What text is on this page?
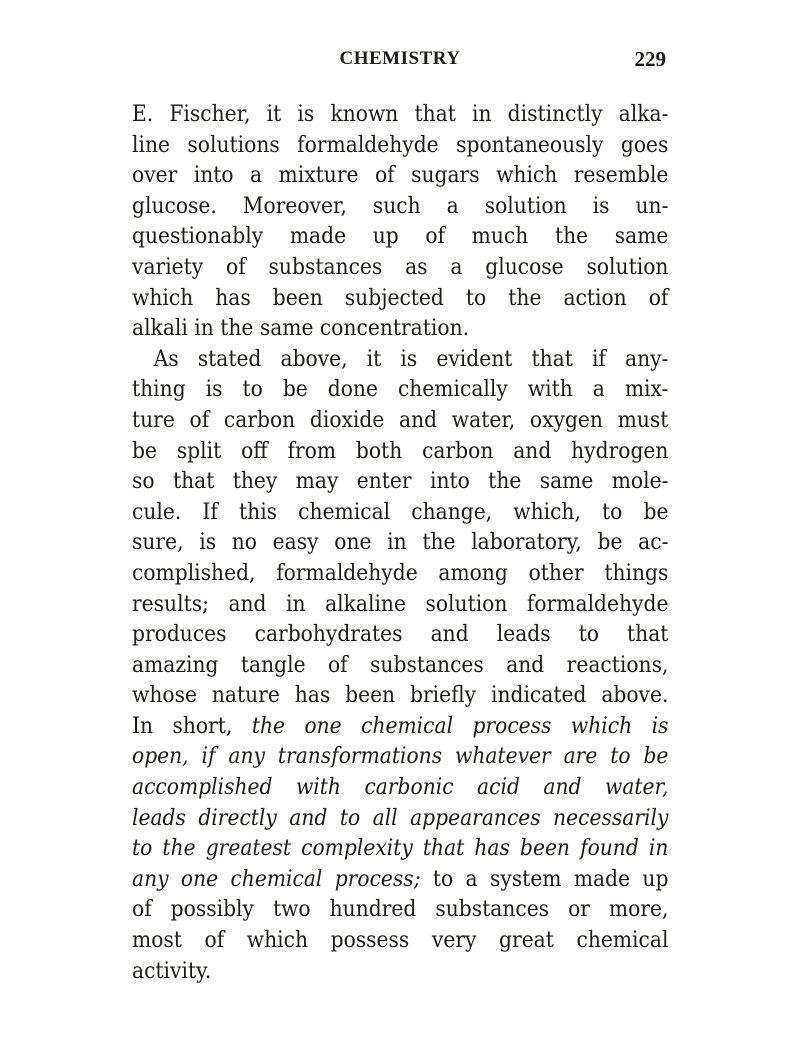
CHEMISTRY	229
E. Fischer, it is known that in distinctly alka-
line solutions formaldehyde spontaneously goes
over into a mixture of sugars which resemble
glucose. Moreover, such a solution is un-
questionably made up of much the same
variety of substances as a glucose solution
which has been subjected to the action of
alkali in the same concentration.
As stated above, it is evident that if any-
thing is to be done chemically with a mix-
ture of carbon dioxide and water, oxygen must
be split off from both carbon and hydrogen
so that they may enter into the same mole-
cule. If this chemical change, which, to be
sure, is no easy one in the laboratory, be ac-
complished, formaldehyde among other things
results; and in alkaline solution formaldehyde
produces carbohydrates and leads to that
amazing tangle of substances and reactions,
whose nature has been briefly indicated above.
In short, the one chemical process which is
open, if any transformations whatever are to be
accomplished with carbonic acid and water,
leads directly and to all appearances necessarily
to the greatest complexity that has been found in
any one chemical process; to a system made up
of possibly two hundred substances or more,
most of which possess very great chemical
activity.
